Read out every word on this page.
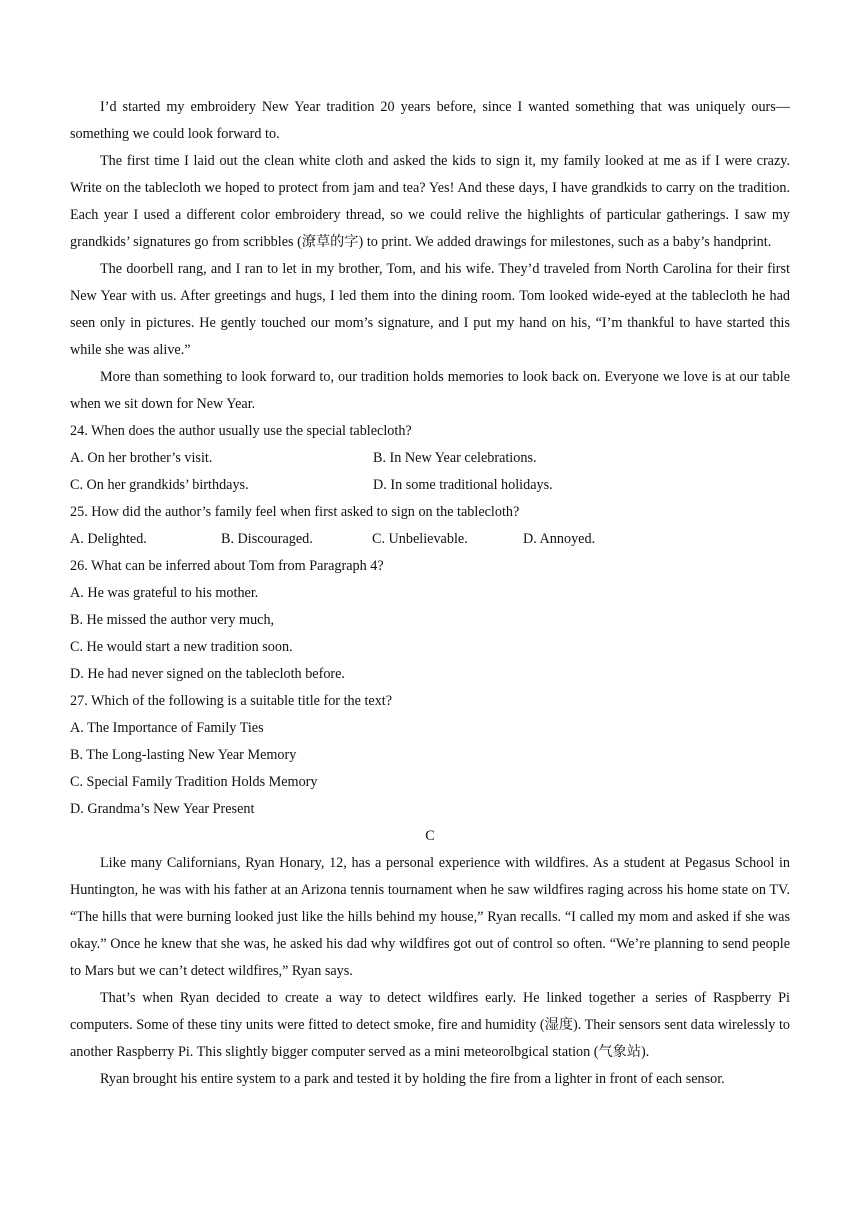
I’d started my embroidery New Year tradition 20 years before, since I wanted something that was uniquely ours—something we could look forward to.

The first time I laid out the clean white cloth and asked the kids to sign it, my family looked at me as if I were crazy. Write on the tablecloth we hoped to protect from jam and tea? Yes! And these days, I have grandkids to carry on the tradition. Each year I used a different color embroidery thread, so we could relive the highlights of particular gatherings. I saw my grandkids’ signatures go from scribbles (潦草的字) to print. We added drawings for milestones, such as a baby’s handprint.

The doorbell rang, and I ran to let in my brother, Tom, and his wife. They’d traveled from North Carolina for their first New Year with us. After greetings and hugs, I led them into the dining room. Tom looked wide-eyed at the tablecloth he had seen only in pictures. He gently touched our mom’s signature, and I put my hand on his, “I’m thankful to have started this while she was alive.”

More than something to look forward to, our tradition holds memories to look back on. Everyone we love is at our table when we sit down for New Year.

24. When does the author usually use the special tablecloth?

A. On her brother’s visit.	B. In New Year celebrations.
C. On her grandkids’ birthdays.	D. In some traditional holidays.

25. How did the author’s family feel when first asked to sign on the tablecloth?

A. Delighted.	B. Discouraged.	C. Unbelievable.	D. Annoyed.

26. What can be inferred about Tom from Paragraph 4?

A. He was grateful to his mother.

B. He missed the author very much,

C. He would start a new tradition soon.

D. He had never signed on the tablecloth before.

27. Which of the following is a suitable title for the text?

A. The Importance of Family Ties

B. The Long-lasting New Year Memory

C. Special Family Tradition Holds Memory

D. Grandma’s New Year Present

C

Like many Californians, Ryan Honary, 12, has a personal experience with wildfires. As a student at Pegasus School in Huntington, he was with his father at an Arizona tennis tournament when he saw wildfires raging across his home state on TV. “The hills that were burning looked just like the hills behind my house,” Ryan recalls. “I called my mom and asked if she was okay.” Once he knew that she was, he asked his dad why wildfires got out of control so often. “We’re planning to send people to Mars but we can’t detect wildfires,” Ryan says.

That’s when Ryan decided to create a way to detect wildfires early. He linked together a series of Raspberry Pi computers. Some of these tiny units were fitted to detect smoke, fire and humidity (湿度). Their sensors sent data wirelessly to another Raspberry Pi. This slightly bigger computer served as a mini meteorolbgical station (气象站).

Ryan brought his entire system to a park and tested it by holding the fire from a lighter in front of each sensor.
